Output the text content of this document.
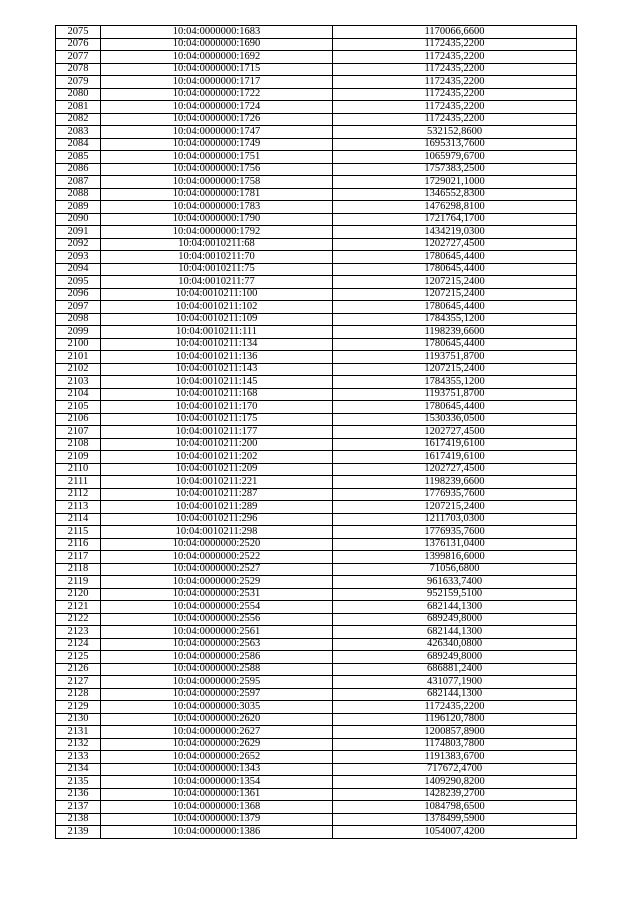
2075	10:04:0000000:1683	1170066,6600
2076	10:04:0000000:1690	1172435,2200
2077	10:04:0000000:1692	1172435,2200
2078	10:04:0000000:1715	1172435,2200
2079	10:04:0000000:1717	1172435,2200
2080	10:04:0000000:1722	1172435,2200
2081	10:04:0000000:1724	1172435,2200
2082	10:04:0000000:1726	1172435,2200
2083	10:04:0000000:1747	532152,8600
2084	10:04:0000000:1749	1695313,7600
2085	10:04:0000000:1751	1065979,6700
2086	10:04:0000000:1756	1757383,2500
2087	10:04:0000000:1758	1729021,1000
2088	10:04:0000000:1781	1346552,8300
2089	10:04:0000000:1783	1476298,8100
2090	10:04:0000000:1790	1721764,1700
2091	10:04:0000000:1792	1434219,0300
2092	10:04:0010211:68	1202727,4500
2093	10:04:0010211:70	1780645,4400
2094	10:04:0010211:75	1780645,4400
2095	10:04:0010211:77	1207215,2400
2096	10:04:0010211:100	1207215,2400
2097	10:04:0010211:102	1780645,4400
2098	10:04:0010211:109	1784355,1200
2099	10:04:0010211:111	1198239,6600
2100	10:04:0010211:134	1780645,4400
2101	10:04:0010211:136	1193751,8700
2102	10:04:0010211:143	1207215,2400
2103	10:04:0010211:145	1784355,1200
2104	10:04:0010211:168	1193751,8700
2105	10:04:0010211:170	1780645,4400
2106	10:04:0010211:175	1530336,0500
2107	10:04:0010211:177	1202727,4500
2108	10:04:0010211:200	1617419,6100
2109	10:04:0010211:202	1617419,6100
2110	10:04:0010211:209	1202727,4500
2111	10:04:0010211:221	1198239,6600
2112	10:04:0010211:287	1776935,7600
2113	10:04:0010211:289	1207215,2400
2114	10:04:0010211:296	1211703,0300
2115	10:04:0010211:298	1776935,7600
2116	10:04:0000000:2520	1376131,0400
2117	10:04:0000000:2522	1399816,6000
2118	10:04:0000000:2527	71056,6800
2119	10:04:0000000:2529	961633,7400
2120	10:04:0000000:2531	952159,5100
2121	10:04:0000000:2554	682144,1300
2122	10:04:0000000:2556	689249,8000
2123	10:04:0000000:2561	682144,1300
2124	10:04:0000000:2563	426340,0800
2125	10:04:0000000:2586	689249,8000
2126	10:04:0000000:2588	686881,2400
2127	10:04:0000000:2595	431077,1900
2128	10:04:0000000:2597	682144,1300
2129	10:04:0000000:3035	1172435,2200
2130	10:04:0000000:2620	1196120,7800
2131	10:04:0000000:2627	1200857,8900
2132	10:04:0000000:2629	1174803,7800
2133	10:04:0000000:2652	1191383,6700
2134	10:04:0000000:1343	717672,4700
2135	10:04:0000000:1354	1409290,8200
2136	10:04:0000000:1361	1428239,2700
2137	10:04:0000000:1368	1084798,6500
2138	10:04:0000000:1379	1378499,5900
2139	10:04:0000000:1386	1054007,4200
